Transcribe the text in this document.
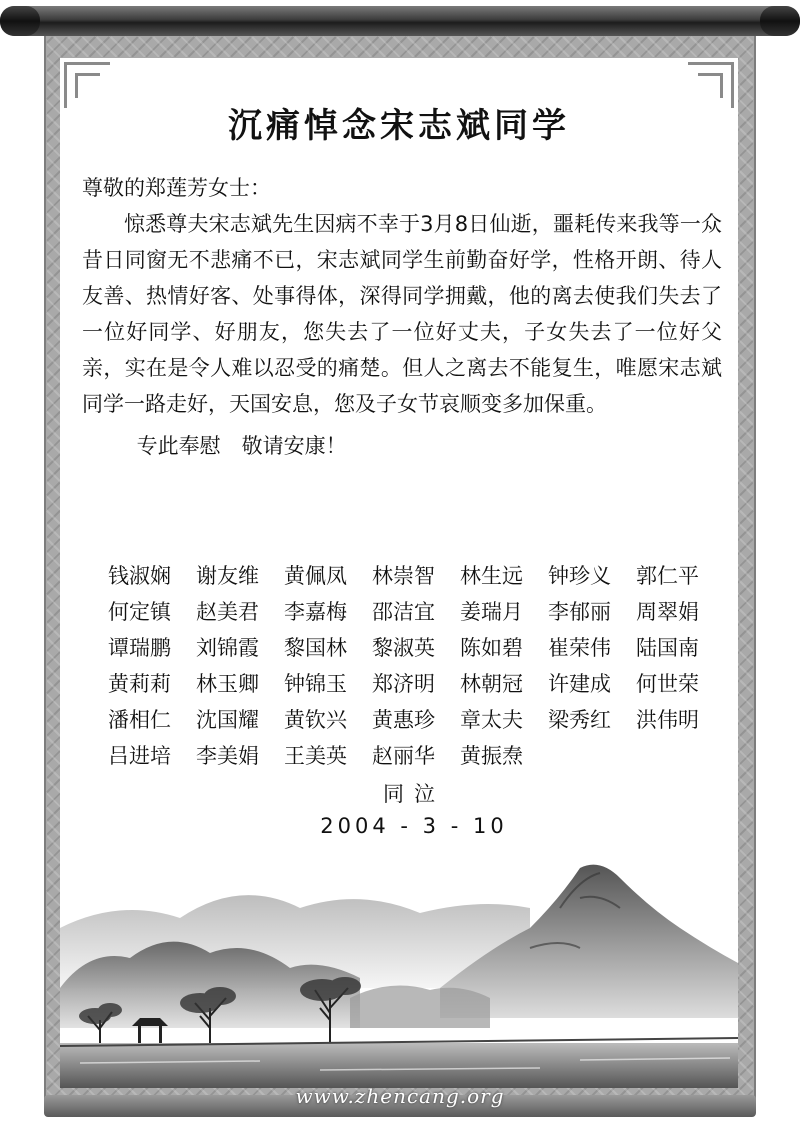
沉痛悼念宋志斌同学
尊敬的郑莲芳女士：
惊悉尊夫宋志斌先生因病不幸于3月8日仙逝，噩耗传来我等一众昔日同窗无不悲痛不已，宋志斌同学生前勤奋好学，性格开朗、待人友善、热情好客、处事得体，深得同学拥戴，他的离去使我们失去了一位好同学、好朋友，您失去了一位好丈夫，子女失去了一位好父亲，实在是令人难以忍受的痛楚。但人之离去不能复生，唯愿宋志斌同学一路走好，天国安息，您及子女节哀顺变多加保重。
专此奉慰　敬请安康！
钱淑娴	谢友维	黄佩凤	林崇智	林生远	钟珍义	郭仁平
何定镇	赵美君	李嘉梅	邵洁宜	姜瑞月	李郁丽	周翠娟
谭瑞鹏	刘锦霞	黎国林	黎淑英	陈如碧	崔荣伟	陆国南
黄莉莉	林玉卿	钟锦玉	郑济明	林朝冠	许建成	何世荣
潘相仁	沈国耀	黄钦兴	黄惠珍	章太夫	梁秀红	洪伟明
吕进培	李美娟	王美英	赵丽华	黄振焘
同泣
2004 - 3 - 10
www.zhencang.org
